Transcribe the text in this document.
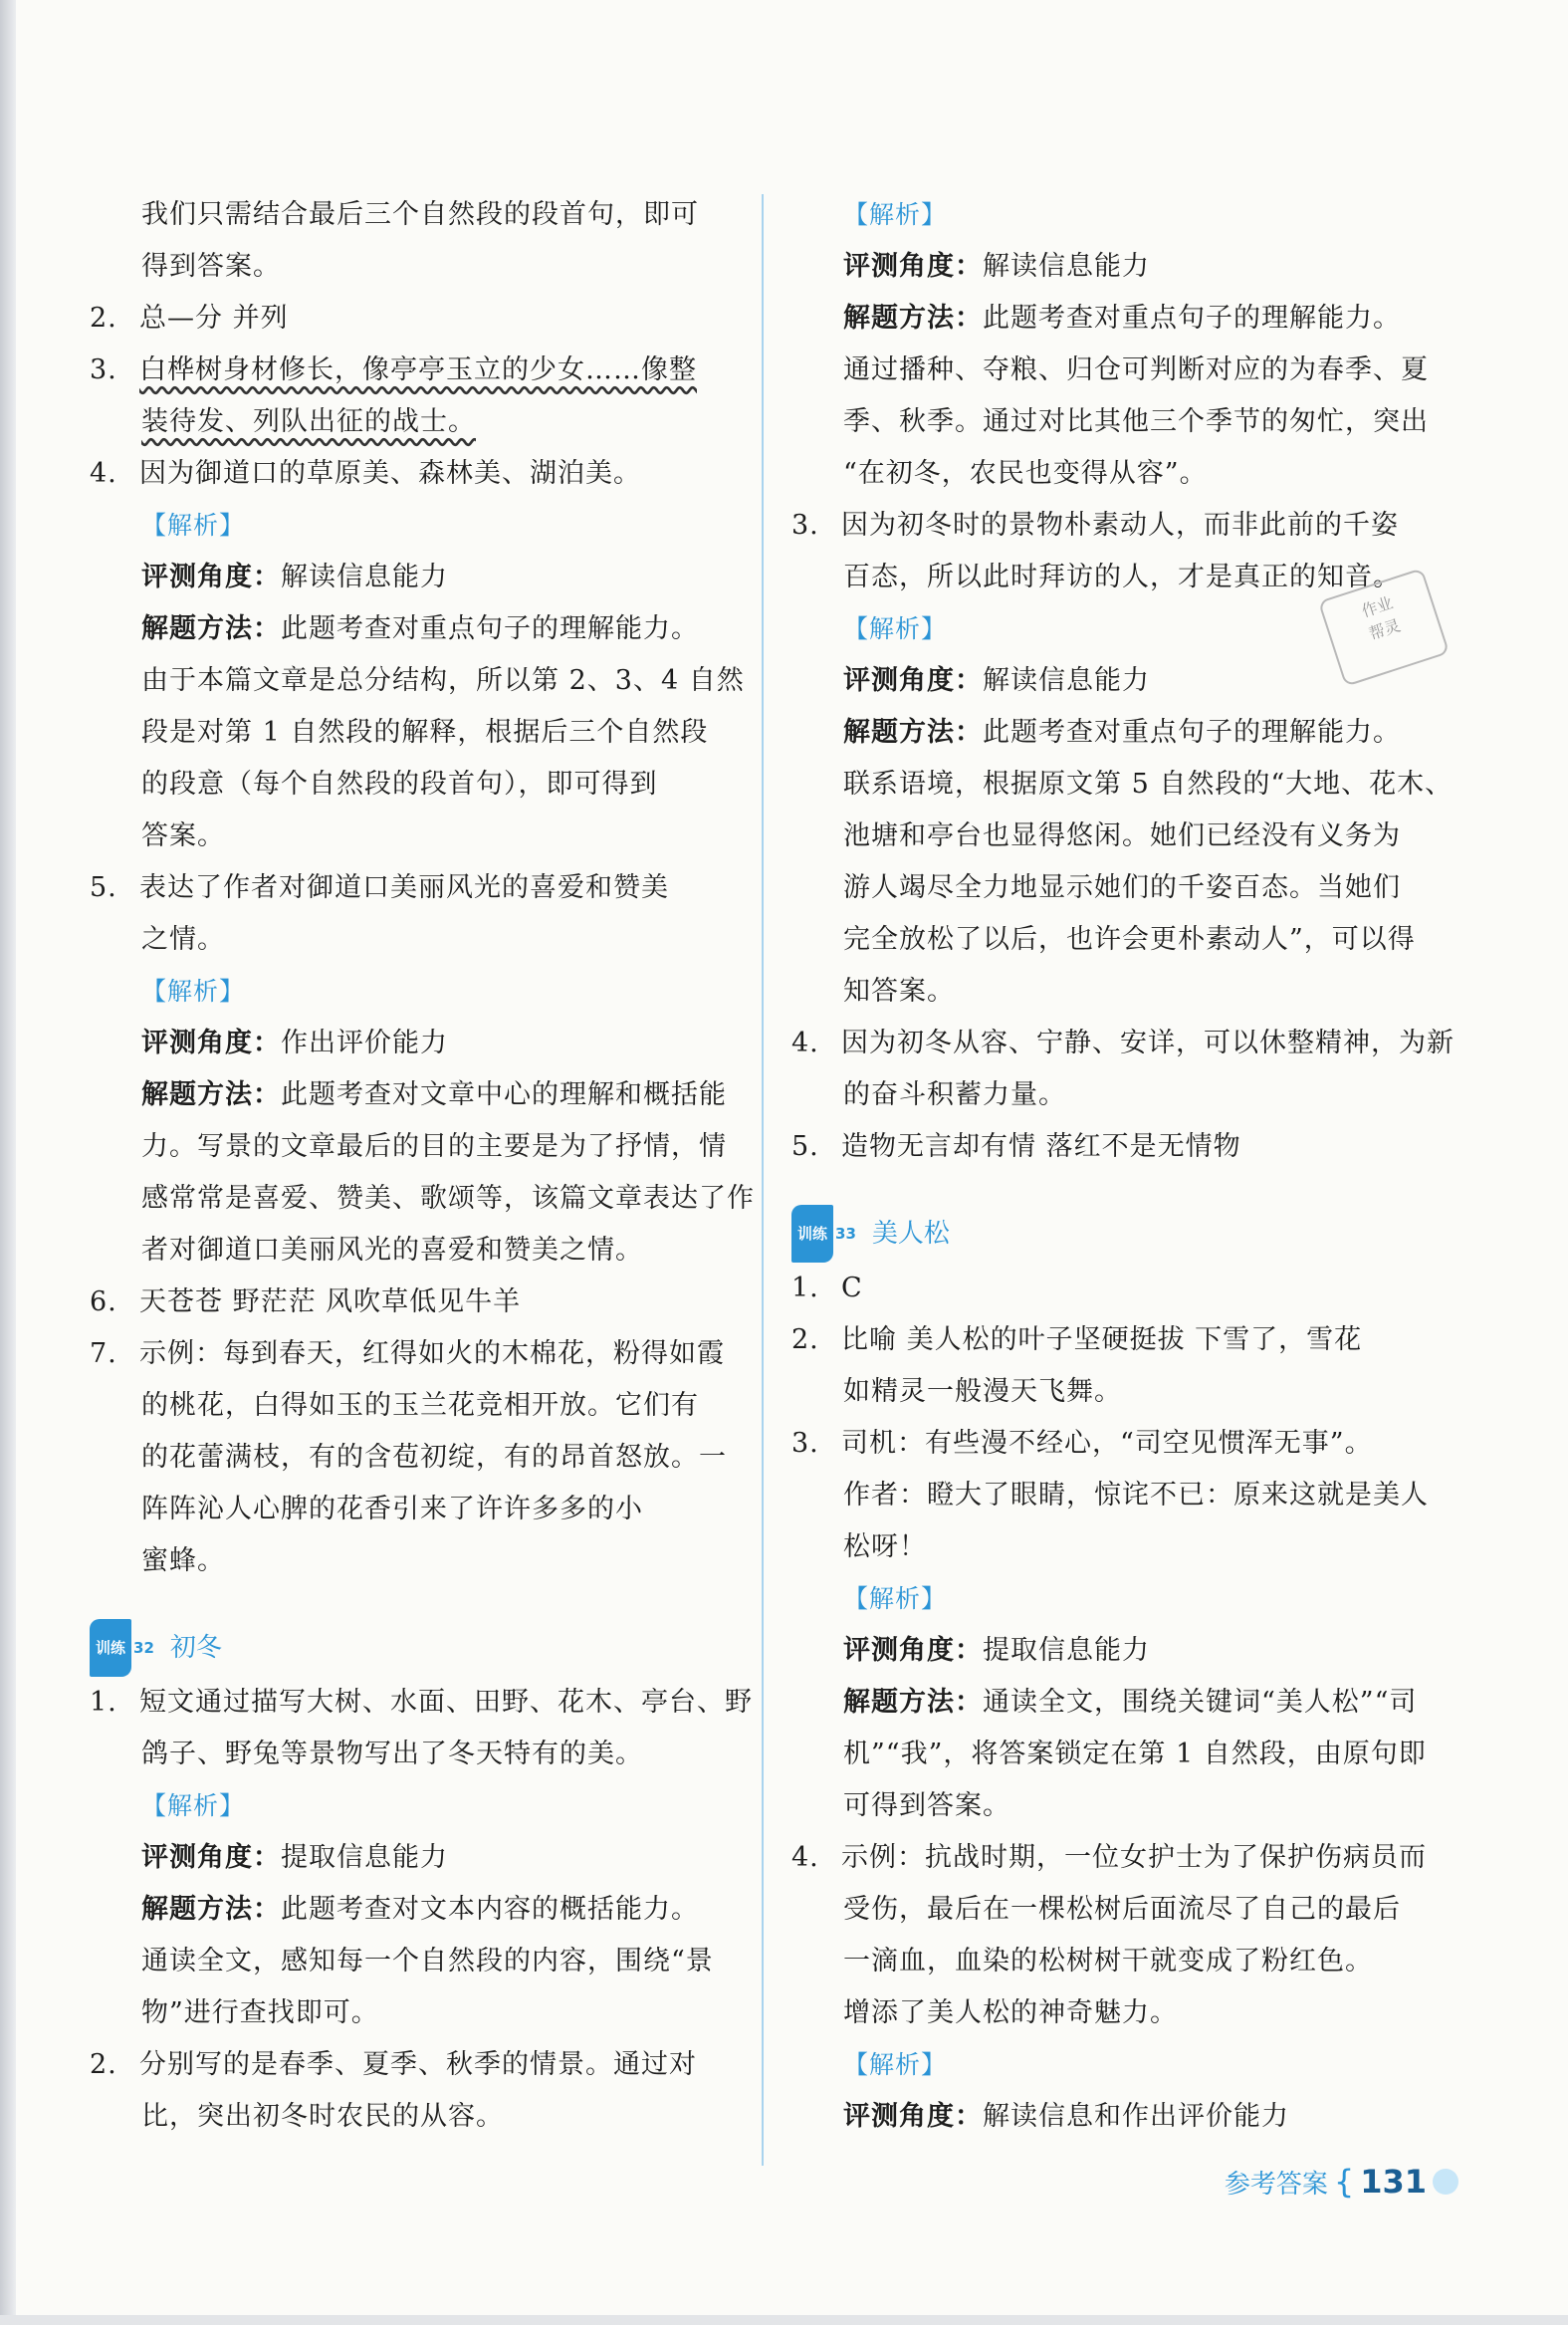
我们只需结合最后三个自然段的段首句，即可
得到答案。
2. 总—分 并列
3. 白桦树身材修长，像亭亭玉立的少女……像整
装待发、列队出征的战士。
4. 因为御道口的草原美、森林美、湖泊美。
【解析】
评测角度：解读信息能力
解题方法：此题考查对重点句子的理解能力。
由于本篇文章是总分结构，所以第 2、3、4 自然
段是对第 1 自然段的解释，根据后三个自然段
的段意（每个自然段的段首句），即可得到
答案。
5. 表达了作者对御道口美丽风光的喜爱和赞美
之情。
【解析】
评测角度：作出评价能力
解题方法：此题考查对文章中心的理解和概括能
力。写景的文章最后的目的主要是为了抒情，情
感常常是喜爱、赞美、歌颂等，该篇文章表达了作
者对御道口美丽风光的喜爱和赞美之情。
6. 天苍苍 野茫茫 风吹草低见牛羊
7. 示例：每到春天，红得如火的木棉花，粉得如霞
的桃花，白得如玉的玉兰花竞相开放。它们有
的花蕾满枝，有的含苞初绽，有的昂首怒放。一
阵阵沁人心脾的花香引来了许许多多的小
蜜蜂。
训练 32 初冬
1. 短文通过描写大树、水面、田野、花木、亭台、野
鸽子、野兔等景物写出了冬天特有的美。
【解析】
评测角度：提取信息能力
解题方法：此题考查对文本内容的概括能力。
通读全文，感知每一个自然段的内容，围绕“景
物”进行查找即可。
2. 分别写的是春季、夏季、秋季的情景。通过对
比，突出初冬时农民的从容。
【解析】
评测角度：解读信息能力
解题方法：此题考查对重点句子的理解能力。
通过播种、夺粮、归仓可判断对应的为春季、夏
季、秋季。通过对比其他三个季节的匆忙，突出
“在初冬，农民也变得从容”。
3. 因为初冬时的景物朴素动人，而非此前的千姿
百态，所以此时拜访的人，才是真正的知音。
【解析】
评测角度：解读信息能力
解题方法：此题考查对重点句子的理解能力。
联系语境，根据原文第 5 自然段的“大地、花木、
池塘和亭台也显得悠闲。她们已经没有义务为
游人竭尽全力地显示她们的千姿百态。当她们
完全放松了以后，也许会更朴素动人”，可以得
知答案。
4. 因为初冬从容、宁静、安详，可以休整精神，为新
的奋斗积蓄力量。
5. 造物无言却有情 落红不是无情物
训练 33 美人松
1. C
2. 比喻 美人松的叶子坚硬挺拔 下雪了，雪花
如精灵一般漫天飞舞。
3. 司机：有些漫不经心，“司空见惯浑无事”。
作者：瞪大了眼睛，惊诧不已：原来这就是美人
松呀！
【解析】
评测角度：提取信息能力
解题方法：通读全文，围绕关键词“美人松”“司
机”“我”，将答案锁定在第 1 自然段，由原句即
可得到答案。
4. 示例：抗战时期，一位女护士为了保护伤病员而
受伤，最后在一棵松树后面流尽了自己的最后
一滴血，血染的松树树干就变成了粉红色。
增添了美人松的神奇魅力。
【解析】
评测角度：解读信息和作出评价能力
作业
帮灵
参考答案 { 131
